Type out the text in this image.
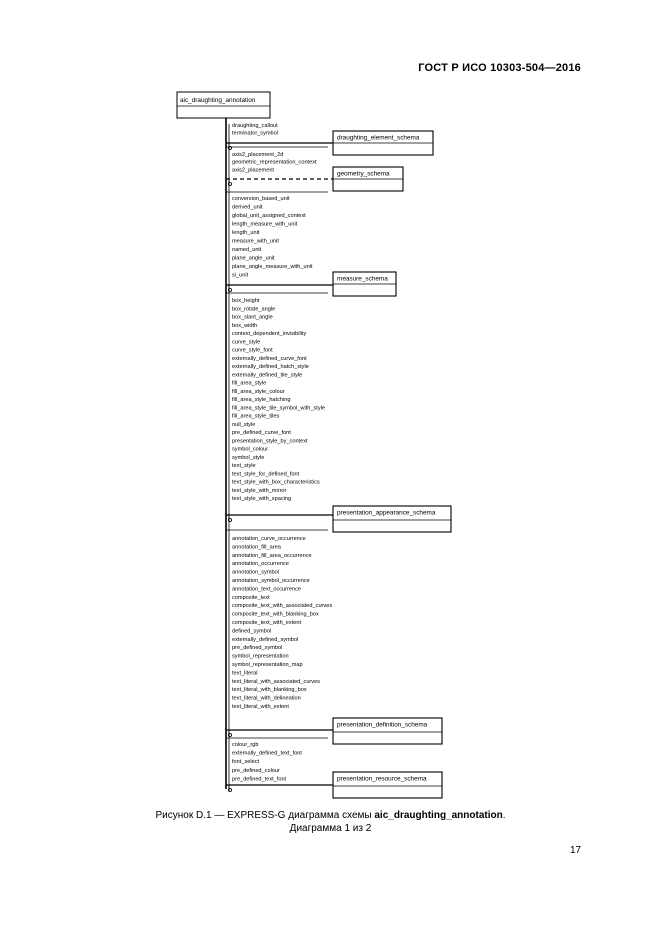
ГОСТ Р ИСО 10303-504—2016
aic_draughting_annotation
draughting_callout
terminator_symbol
draughting_element_schema
axis2_placement_2d
geometric_representation_context
axis2_placement
geometry_schema
conversion_based_unit
derived_unit
global_unit_assigned_context
length_measure_with_unit
length_unit
measure_with_unit
named_unit
plane_angle_unit
plane_angle_measure_with_unit
si_unit	measure_schema
box_height
box_rotate_angle
box_slant_angle
box_width
context_dependent_invisibility
curve_style
curve_style_font
externally_defined_curve_font
externally_defined_hatch_style
externally_defined_tile_style
fill_area_style
fill_area_style_colour
fill_area_style_hatching
fill_area_style_tile_symbol_with_style
fill_area_style_tiles
null_style
pre_defined_curve_font
presentation_style_by_context
symbol_colour
symbol_style
text_style
text_style_for_defined_font
text_style_with_box_characteristics
text_style_with_mirror
text_style_with_spacing
presentation_appearance_schema
annotation_curve_occurrence
annotation_fill_area
annotation_fill_area_occurrence
annotation_occurrence
annotation_symbol
annotation_symbol_occurrence
annotation_text_occurrence
composite_text
composite_text_with_associated_curves
composite_text_with_blanking_box
composite_text_with_extent
defined_symbol
externally_defined_symbol
pre_defined_symbol
symbol_representation
symbol_representation_map
text_literal
text_literal_with_associated_curves
text_literal_with_blanking_box
text_literal_with_delineation
text_literal_with_extent
presentation_definition_schema
colour_rgb
externally_defined_text_font
font_select
pre_defined_colour
pre_defined_text_font	presentation_resource_schema
Рисунок D.1 — EXPRESS-G диаграмма схемы aic_draughting_annotation.
Диаграмма 1 из 2
17
